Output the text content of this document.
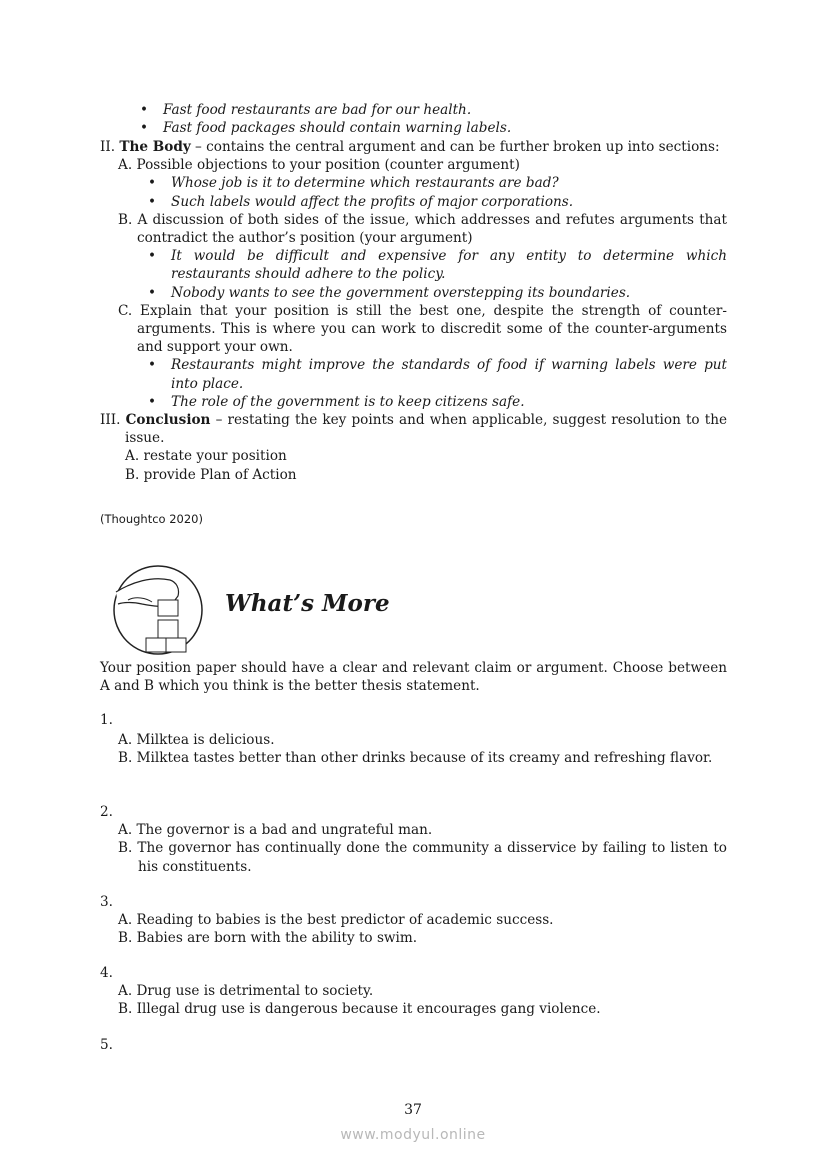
• Fast food restaurants are bad for our health.
• Fast food packages should contain warning labels.
II. The Body – contains the central argument and can be further broken up into sections:
A. Possible objections to your position (counter argument)
• Whose job is it to determine which restaurants are bad?
• Such labels would affect the profits of major corporations.
B. A discussion of both sides of the issue, which addresses and refutes arguments that contradict the author’s position (your argument)
• It would be difficult and expensive for any entity to determine which restaurants should adhere to the policy.
• Nobody wants to see the government overstepping its boundaries.
C. Explain that your position is still the best one, despite the strength of counter-arguments. This is where you can work to discredit some of the counter-arguments and support your own.
• Restaurants might improve the standards of food if warning labels were put into place.
• The role of the government is to keep citizens safe.
III. Conclusion – restating the key points and when applicable, suggest resolution to the issue.
A. restate your position
B. provide Plan of Action
(Thoughtco 2020)
What’s More
Your position paper should have a clear and relevant claim or argument. Choose between A and B which you think is the better thesis statement.
1.
A. Milktea is delicious.
B. Milktea tastes better than other drinks because of its creamy and refreshing flavor.
2.
A. The governor is a bad and ungrateful man.
B. The governor has continually done the community a disservice by failing to listen to his constituents.
3.
A. Reading to babies is the best predictor of academic success.
B. Babies are born with the ability to swim.
4.
A. Drug use is detrimental to society.
B. Illegal drug use is dangerous because it encourages gang violence.
5.
37
www.modyul.online
